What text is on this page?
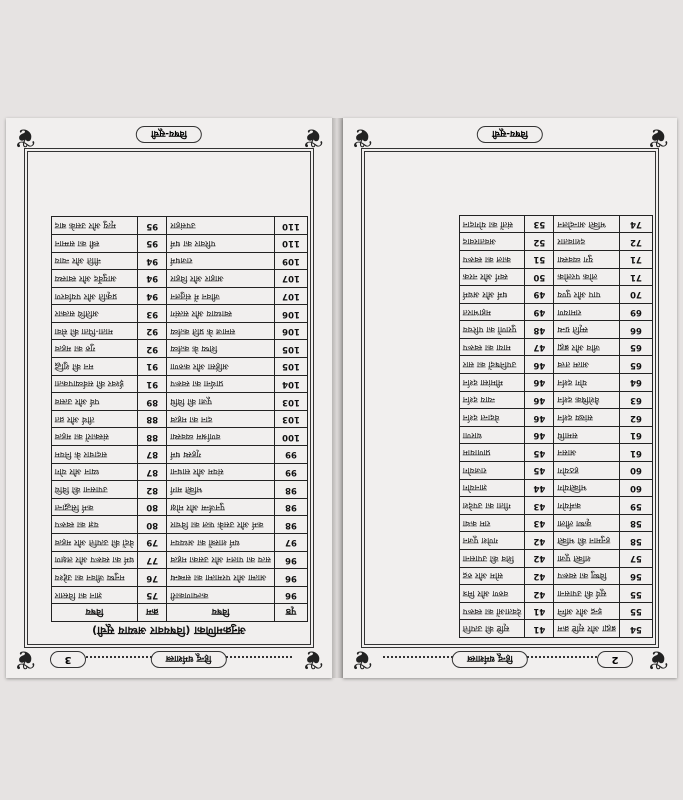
❦
❦
❦
❦
हिन्दू धर्मशास्त्र
3
अनुक्रमणिका (विषयवार अध्याय सूची)
पृष्ठ	विषय	क्रम	विषय
96	कल्याणकारी	75	ज्ञान का विस्तार
96	आत्मा और परमात्मा का सम्बन्ध	76	मनुष्य जीवन का उद्देश्य
96	सत्य का पालन और उसका महत्व	77	धर्म का स्वरूप और लक्षण
97	धर्म शास्त्रों का अध्ययन	79	वेदों की उत्पत्ति और महत्व
98	कर्म और उसके फल का विचार	80	यज्ञ का स्वरूप
98	पुनर्जन्म और मोक्ष	80	कर्म सिद्धान्त
98	भक्ति मार्ग	82	उपासना की विधि
99	संयम और साधना	87	ध्यान और योग
99	गृहस्थ धर्म	87	सदाचार के नियम
100	वर्णाश्रम व्यवस्था	88	संस्कारों का महत्व
103	दान का महत्व	88	तीर्थ और व्रत
103	पूजा की विधि	89	पर्व और उत्सव
104	प्रार्थना का स्वरूप	91	ईश्वर की सर्वव्यापकता
105	अहिंसा और करुणा	91	मन की शुद्धि
105	शिष्य के कर्तव्य	92	गुरु का महत्व
106	समाज के प्रति कर्तव्य	92	माता-पिता की सेवा
106	स्वाध्याय और सत्संग	93	अतिथि सत्कार
107	जीवन में संतुलन	94	प्रकृति और पर्यावरण
107	आहार और विहार	94	आयुर्वेद और स्वास्थ्य
109	राजधर्म	94	नीति और न्याय
110	परिवार का धर्म	95	स्त्री का सम्मान
110	उपसंहार	95	मृत्यु और उसके बाद
विषय-सूची
❦
❦
❦
❦
2
हिन्दू धर्मशास्त्र
54	ब्रह्मा और सृष्टि क्रम	41	सृष्टि की उत्पत्ति
55	इन्द्र और अग्नि	41	देवताओं का स्वरूप
55	सूर्य की उपासना	42	वरुण और मित्र
56	विष्णु का स्वरूप	42	सोम और रुद्र
57	शक्ति पूजा	42	शिव की उपासना
58	हनुमान की भक्ति	42	गणेश पूजन
58	कृष्ण लीला	43	राम कथा
59	कर्मयोग	43	गीता का उपदेश
60	भक्तियोग	44	ज्ञानयोग
60	हठयोग	45	राजयोग
61	आसन	45	प्राणायाम
61	समाधि	46	धारणा
62	सांख्य दर्शन	46	वेदान्त दर्शन
63	वैशेषिक दर्शन	46	न्याय दर्शन
64	योग दर्शन	46	मीमांसा दर्शन
65	आत्म तत्त्व	46	उपनिषदों का सार
65	जीव और ब्रह्म	47	माया का स्वरूप
66	स्मृति ग्रन्थ	48	पुराणों का परिचय
69	रामायण	49	महाभारत
70	पाप और पुण्य	49	धर्म और अधर्म
71	लोक परलोक	50	स्वर्ग और नरक
71	युग व्यवस्था	51	काल का स्वरूप
72	दशावतार	52	अवतारवाद
74	भक्ति आन्दोलन	53	संतों का योगदान
विषय-सूची
